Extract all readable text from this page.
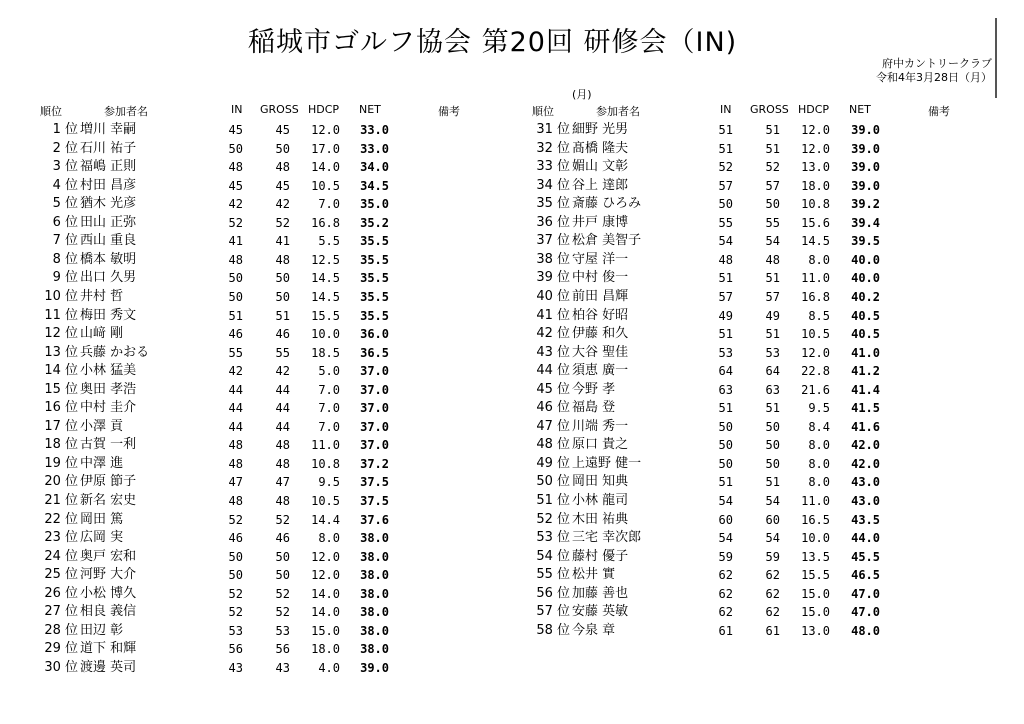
稲城市ゴルフ協会 第20回 研修会（IN)
府中カントリークラブ
令和4年3月28日（月）
(月)
順位	参加者名	IN GROSS HDCP NET	備考	順位	参加者名	IN GROSS HDCP NET	備考
1 位 増川 幸嗣	45	45 12.0 33.0
2 位 石川 祐子	50	50 17.0 33.0
3 位 福嶋 正則	48	48 14.0 34.0
4 位 村田 昌彦	45	45 10.5 34.5
5 位 猶木 光彦	42	42 7.0 35.0
6 位 田山 正弥	52	52 16.8 35.2
7 位 西山 重良	41	41 5.5 35.5
8 位 橋本 敏明	48	48 12.5 35.5
9 位 出口 久男	50	50 14.5 35.5
10 位 井村 哲	50	50 14.5 35.5
11 位 梅田 秀文	51	51 15.5 35.5
12 位 山﨑 剛	46	46 10.0 36.0
13 位 兵藤 かおる	55	55 18.5 36.5
14 位 小林 猛美	42	42 5.0 37.0
15 位 奥田 孝浩	44	44 7.0 37.0
16 位 中村 圭介	44	44 7.0 37.0
17 位 小澤 貢	44	44 7.0 37.0
18 位 古賀 一利	48	48 11.0 37.0
19 位 中澤 進	48	48 10.8 37.2
20 位 伊原 節子	47	47 9.5 37.5
21 位 新名 宏史	48	48 10.5 37.5
22 位 岡田 篤	52	52 14.4 37.6
23 位 広岡 実	46	46 8.0 38.0
24 位 奥戸 宏和	50	50 12.0 38.0
25 位 河野 大介	50	50 12.0 38.0
26 位 小松 博久	52	52 14.0 38.0
27 位 相良 義信	52	52 14.0 38.0
28 位 田辺 彰	53	53 15.0 38.0
29 位 道下 和輝	56	56 18.0 38.0
30 位 渡邊 英司	43	43 4.0 39.0
31 位 細野 光男	51	51 12.0 39.0
32 位 髙橋 隆夫	51	51 12.0 39.0
33 位 媚山 文彰	52	52 13.0 39.0
34 位 谷上 達郎	57	57 18.0 39.0
35 位 斎藤 ひろみ	50	50 10.8 39.2
36 位 井戸 康博	55	55 15.6 39.4
37 位 松倉 美智子	54	54 14.5 39.5
38 位 守屋 洋一	48	48 8.0 40.0
39 位 中村 俊一	51	51 11.0 40.0
40 位 前田 昌輝	57	57 16.8 40.2
41 位 柏谷 好昭	49	49 8.5 40.5
42 位 伊藤 和久	51	51 10.5 40.5
43 位 大谷 聖佳	53	53 12.0 41.0
44 位 須恵 廣一	64	64 22.8 41.2
45 位 今野 孝	63	63 21.6 41.4
46 位 福島 登	51	51 9.5 41.5
47 位 川端 秀一	50	50 8.4 41.6
48 位 原口 貴之	50	50 8.0 42.0
49 位 上遠野 健一	50	50 8.0 42.0
50 位 岡田 知典	51	51 8.0 43.0
51 位 小林 龍司	54	54 11.0 43.0
52 位 木田 祐典	60	60 16.5 43.5
53 位 三宅 幸次郎	54	54 10.0 44.0
54 位 藤村 優子	59	59 13.5 45.5
55 位 松井 實	62	62 15.5 46.5
56 位 加藤 善也	62	62 15.0 47.0
57 位 安藤 英敏	62	62 15.0 47.0
58 位 今泉 章	61	61 13.0 48.0
